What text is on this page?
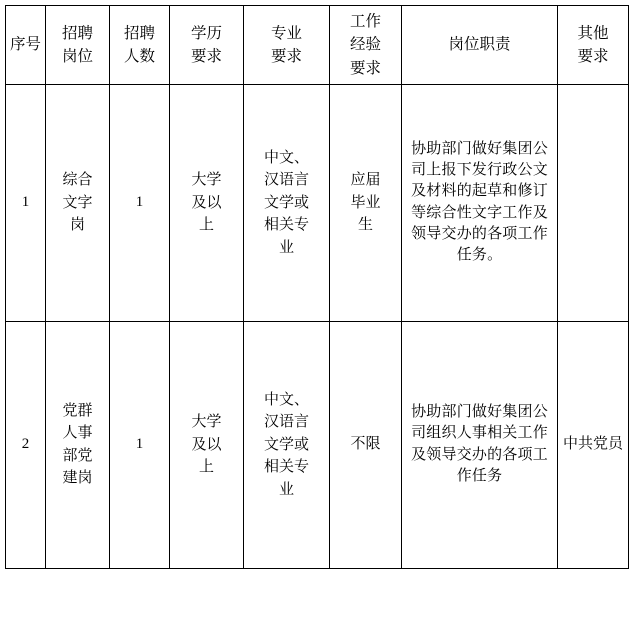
序号	招聘岗位	招聘人数	学历要求	专业要求	工作经验要求	岗位职责	其他要求
1	综合文字岗	1	大学及以上	中文、汉语言文学或相关专业	应届毕业生	协助部门做好集团公司上报下发行政公文及材料的起草和修订等综合性文字工作及领导交办的各项工作任务。	
2	党群人事部党建岗	1	大学及以上	中文、汉语言文学或相关专业	不限	协助部门做好集团公司组织人事相关工作及领导交办的各项工作任务	中共党员
